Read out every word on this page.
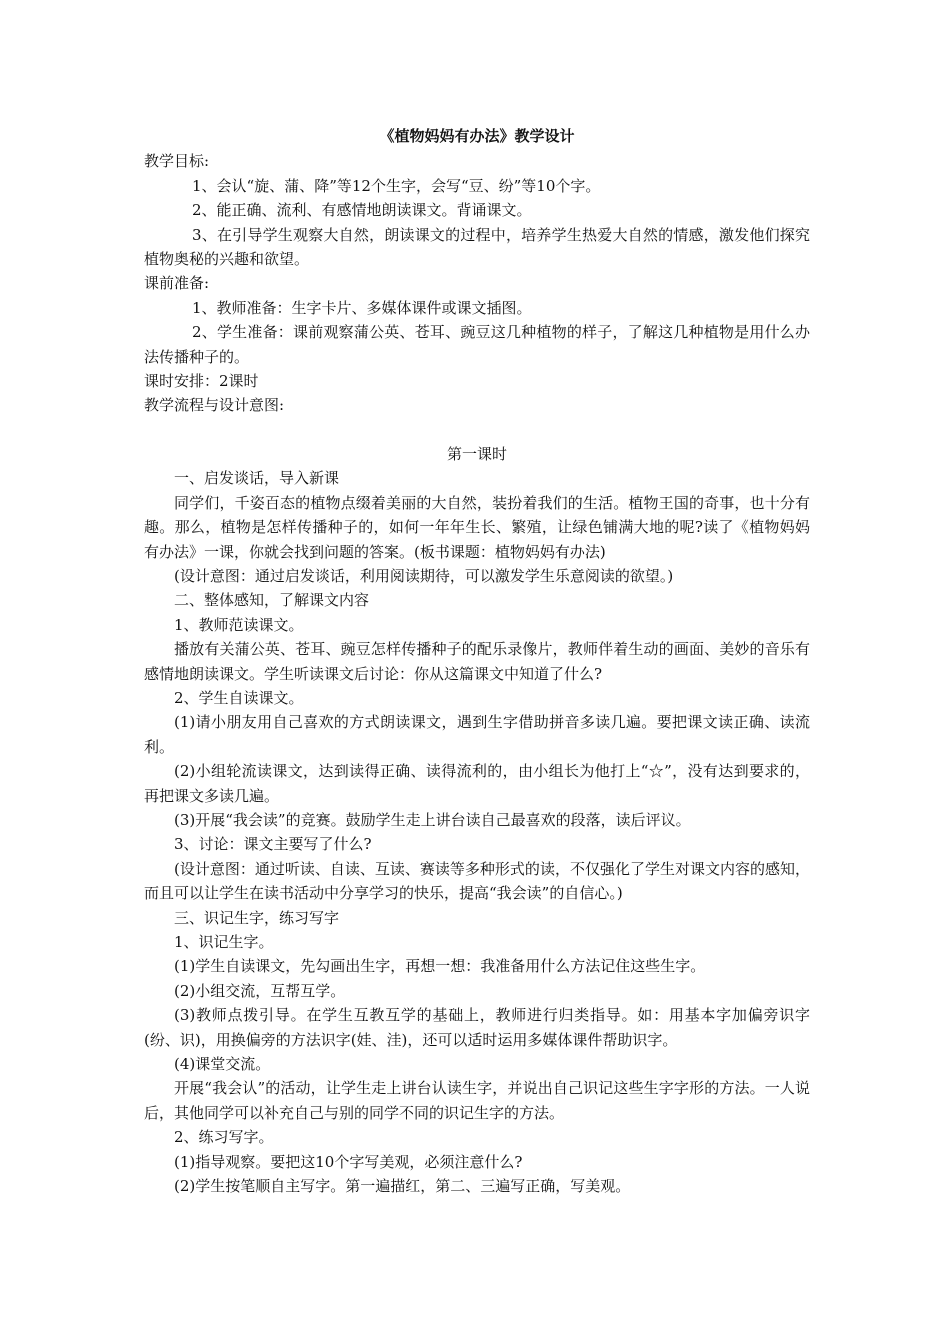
《植物妈妈有办法》教学设计

教学目标:

1、会认“旋、蒲、降”等12个生字，会写“豆、纷”等10个字。

2、能正确、流利、有感情地朗读课文。背诵课文。

3、在引导学生观察大自然，朗读课文的过程中，培养学生热爱大自然的情感，激发他们探究植物奥秘的兴趣和欲望。

课前准备:

1、教师准备：生字卡片、多媒体课件或课文插图。

2、学生准备：课前观察蒲公英、苍耳、豌豆这几种植物的样子，了解这几种植物是用什么办法传播种子的。

课时安排：2课时

教学流程与设计意图:

第一课时

一、启发谈话，导入新课

同学们，千姿百态的植物点缀着美丽的大自然，装扮着我们的生活。植物王国的奇事，也十分有趣。那么，植物是怎样传播种子的，如何一年年生长、繁殖，让绿色铺满大地的呢?读了《植物妈妈有办法》一课，你就会找到问题的答案。(板书课题：植物妈妈有办法)

(设计意图：通过启发谈话，利用阅读期待，可以激发学生乐意阅读的欲望。)

二、整体感知，了解课文内容

1、教师范读课文。

播放有关蒲公英、苍耳、豌豆怎样传播种子的配乐录像片，教师伴着生动的画面、美妙的音乐有感情地朗读课文。学生听读课文后讨论：你从这篇课文中知道了什么?

2、学生自读课文。

(1)请小朋友用自己喜欢的方式朗读课文，遇到生字借助拼音多读几遍。要把课文读正确、读流利。

(2)小组轮流读课文，达到读得正确、读得流利的，由小组长为他打上“☆”，没有达到要求的，再把课文多读几遍。

(3)开展“我会读”的竞赛。鼓励学生走上讲台读自己最喜欢的段落，读后评议。

3、讨论：课文主要写了什么?

(设计意图：通过听读、自读、互读、赛读等多种形式的读，不仅强化了学生对课文内容的感知，而且可以让学生在读书活动中分享学习的快乐，提高“我会读”的自信心。)

三、识记生字，练习写字

1、识记生字。

(1)学生自读课文，先勾画出生字，再想一想：我准备用什么方法记住这些生字。

(2)小组交流，互帮互学。

(3)教师点拨引导。在学生互教互学的基础上，教师进行归类指导。如：用基本字加偏旁识字(纷、识)，用换偏旁的方法识字(娃、洼)，还可以适时运用多媒体课件帮助识字。

(4)课堂交流。

开展“我会认”的活动，让学生走上讲台认读生字，并说出自己识记这些生字字形的方法。一人说后，其他同学可以补充自己与别的同学不同的识记生字的方法。

2、练习写字。

(1)指导观察。要把这10个字写美观，必须注意什么?

(2)学生按笔顺自主写字。第一遍描红，第二、三遍写正确，写美观。
